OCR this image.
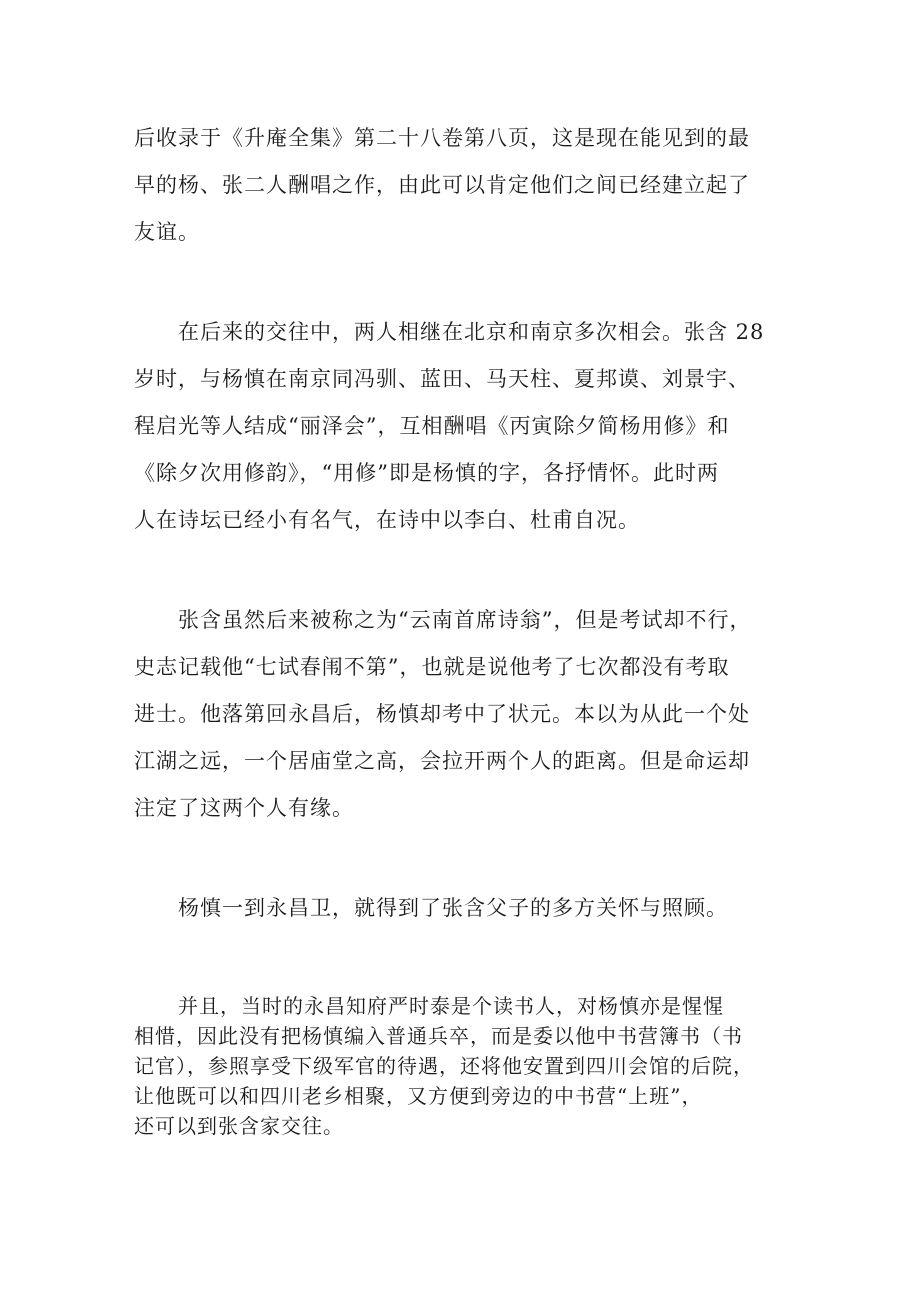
后收录于《升庵全集》第二十八卷第八页，这是现在能见到的最
早的杨、张二人酬唱之作，由此可以肯定他们之间已经建立起了
友谊。

在后来的交往中，两人相继在北京和南京多次相会。张含 28
岁时，与杨慎在南京同冯驯、蓝田、马天柱、夏邦谟、刘景宇、
程启光等人结成“丽泽会”，互相酬唱《丙寅除夕简杨用修》和
《除夕次用修韵》，“用修”即是杨慎的字，各抒情怀。此时两
人在诗坛已经小有名气，在诗中以李白、杜甫自况。

张含虽然后来被称之为“云南首席诗翁”，但是考试却不行，
史志记载他“七试春闱不第”，也就是说他考了七次都没有考取
进士。他落第回永昌后，杨慎却考中了状元。本以为从此一个处
江湖之远，一个居庙堂之高，会拉开两个人的距离。但是命运却
注定了这两个人有缘。

杨慎一到永昌卫，就得到了张含父子的多方关怀与照顾。

并且，当时的永昌知府严时泰是个读书人，对杨慎亦是惺惺
相惜，因此没有把杨慎编入普通兵卒，而是委以他中书营簿书（书
记官），参照享受下级军官的待遇，还将他安置到四川会馆的后院，
让他既可以和四川老乡相聚，又方便到旁边的中书营“上班”，
还可以到张含家交往。
